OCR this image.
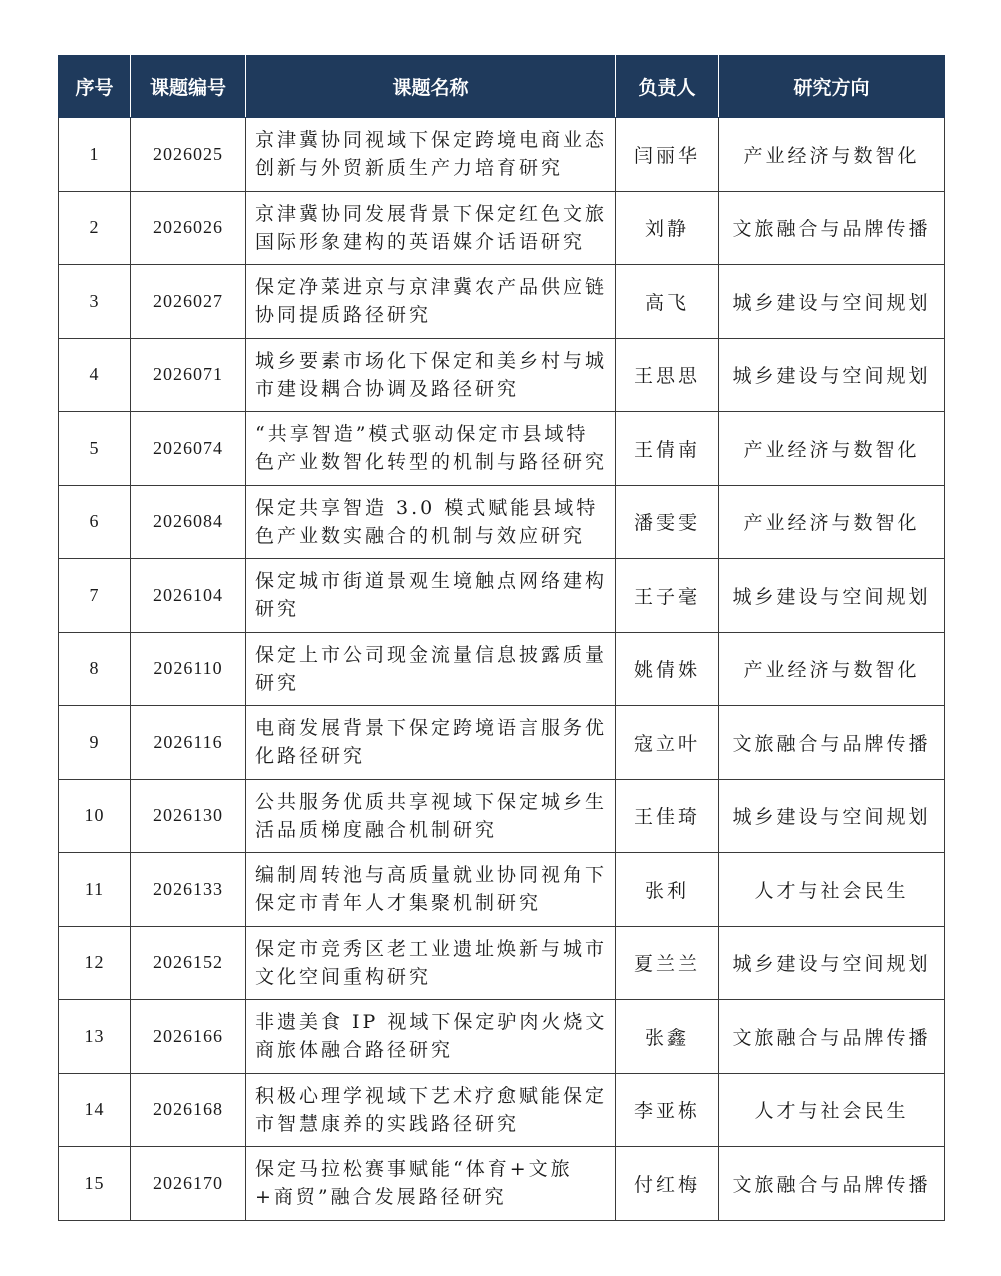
序号	课题编号	课题名称	负责人	研究方向
1	2026025	京津冀协同视域下保定跨境电商业态创新与外贸新质生产力培育研究	闫丽华	产业经济与数智化
2	2026026	京津冀协同发展背景下保定红色文旅国际形象建构的英语媒介话语研究	刘静	文旅融合与品牌传播
3	2026027	保定净菜进京与京津冀农产品供应链协同提质路径研究	高飞	城乡建设与空间规划
4	2026071	城乡要素市场化下保定和美乡村与城市建设耦合协调及路径研究	王思思	城乡建设与空间规划
5	2026074	“共享智造”模式驱动保定市县域特色产业数智化转型的机制与路径研究	王倩南	产业经济与数智化
6	2026084	保定共享智造 3.0 模式赋能县域特色产业数实融合的机制与效应研究	潘雯雯	产业经济与数智化
7	2026104	保定城市街道景观生境触点网络建构研究	王子毫	城乡建设与空间规划
8	2026110	保定上市公司现金流量信息披露质量研究	姚倩姝	产业经济与数智化
9	2026116	电商发展背景下保定跨境语言服务优化路径研究	寇立叶	文旅融合与品牌传播
10	2026130	公共服务优质共享视域下保定城乡生活品质梯度融合机制研究	王佳琦	城乡建设与空间规划
11	2026133	编制周转池与高质量就业协同视角下保定市青年人才集聚机制研究	张利	人才与社会民生
12	2026152	保定市竞秀区老工业遗址焕新与城市文化空间重构研究	夏兰兰	城乡建设与空间规划
13	2026166	非遗美食 IP 视域下保定驴肉火烧文商旅体融合路径研究	张鑫	文旅融合与品牌传播
14	2026168	积极心理学视域下艺术疗愈赋能保定市智慧康养的实践路径研究	李亚栋	人才与社会民生
15	2026170	保定马拉松赛事赋能“体育+文旅+商贸”融合发展路径研究	付红梅	文旅融合与品牌传播
